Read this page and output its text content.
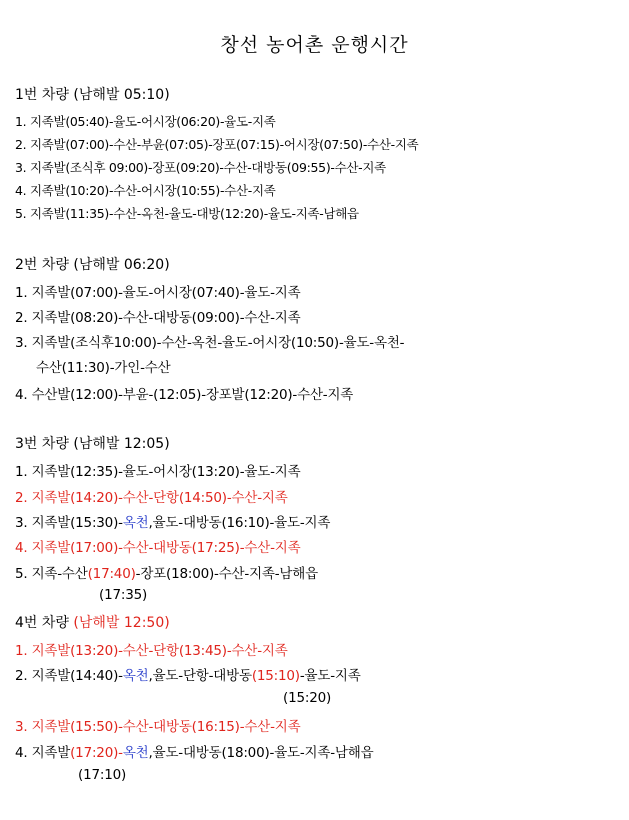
창선 농어촌 운행시간
1번 차량 (남해발 05:10)
1. 지족발(05:40)-율도-어시장(06:20)-율도-지족
2. 지족발(07:00)-수산-부윤(07:05)-장포(07:15)-어시장(07:50)-수산-지족
3. 지족발(조식후 09:00)-장포(09:20)-수산-대방동(09:55)-수산-지족
4. 지족발(10:20)-수산-어시장(10:55)-수산-지족
5. 지족발(11:35)-수산-옥천-율도-대방(12:20)-율도-지족-남해읍
2번 차량 (남해발 06:20)
1. 지족발(07:00)-율도-어시장(07:40)-율도-지족
2. 지족발(08:20)-수산-대방동(09:00)-수산-지족
3. 지족발(조식후10:00)-수산-옥천-율도-어시장(10:50)-율도-옥천-
수산(11:30)-가인-수산
4. 수산발(12:00)-부윤-(12:05)-장포발(12:20)-수산-지족
3번 차량 (남해발 12:05)
1. 지족발(12:35)-율도-어시장(13:20)-율도-지족
2. 지족발(14:20)-수산-단항(14:50)-수산-지족
3. 지족발(15:30)-옥천,율도-대방동(16:10)-율도-지족
4. 지족발(17:00)-수산-대방동(17:25)-수산-지족
5. 지족-수산(17:40)-장포(18:00)-수산-지족-남해읍
(17:35)
4번 차량 (남해발 12:50)
1. 지족발(13:20)-수산-단항(13:45)-수산-지족
2. 지족발(14:40)-옥천,율도-단항-대방동(15:10)-율도-지족
(15:20)
3. 지족발(15:50)-수산-대방동(16:15)-수산-지족
4. 지족발(17:20)-옥천,율도-대방동(18:00)-율도-지족-남해읍
(17:10)
